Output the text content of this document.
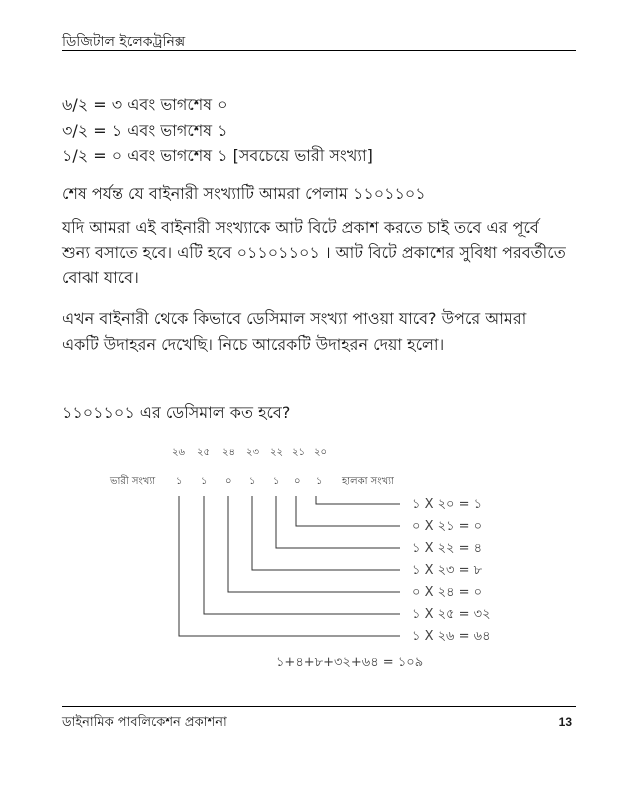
ডিজিটাল ইলেকট্রনিক্স
৬/২ = ৩ এবং ভাগশেষ ০
৩/২ = ১ এবং ভাগশেষ ১
১/২ = ০ এবং ভাগশেষ ১ [সবচেয়ে ভারী সংখ্যা]
শেষ পর্যন্ত যে বাইনারী সংখ্যাটি আমরা পেলাম ১১০১১০১
যদি আমরা এই বাইনারী সংখ্যাকে আট বিটে প্রকাশ করতে চাই তবে এর পূর্বে
শুন্য বসাতে হবে। এটি হবে ০১১০১১০১ । আট বিটে প্রকাশের সুবিধা পরবর্তীতে
বোঝা যাবে।
এখন বাইনারী থেকে কিভাবে ডেসিমাল সংখ্যা পাওয়া যাবে? উপরে আমরা
একটি উদাহরন দেখেছি। নিচে আরেকটি উদাহরন দেয়া হলো।
১১০১১০১ এর ডেসিমাল কত হবে?
২৬ ২৫ ২৪ ২৩ ২২ ২১ ২০
ভারী সংখ্যা	হালকা সংখ্যা
১ ১ ০ ১ ১ ০ ১
১ X ২০ = ১
০ X ২১ = ০
১ X ২২ = ৪
১ X ২৩ = ৮
০ X ২৪ = ০
১ X ২৫ = ৩২
১ X ২৬ = ৬৪
১+৪+৮+৩২+৬৪ = ১০৯
ডাইনামিক পাবলিকেশন প্রকাশনা	13
